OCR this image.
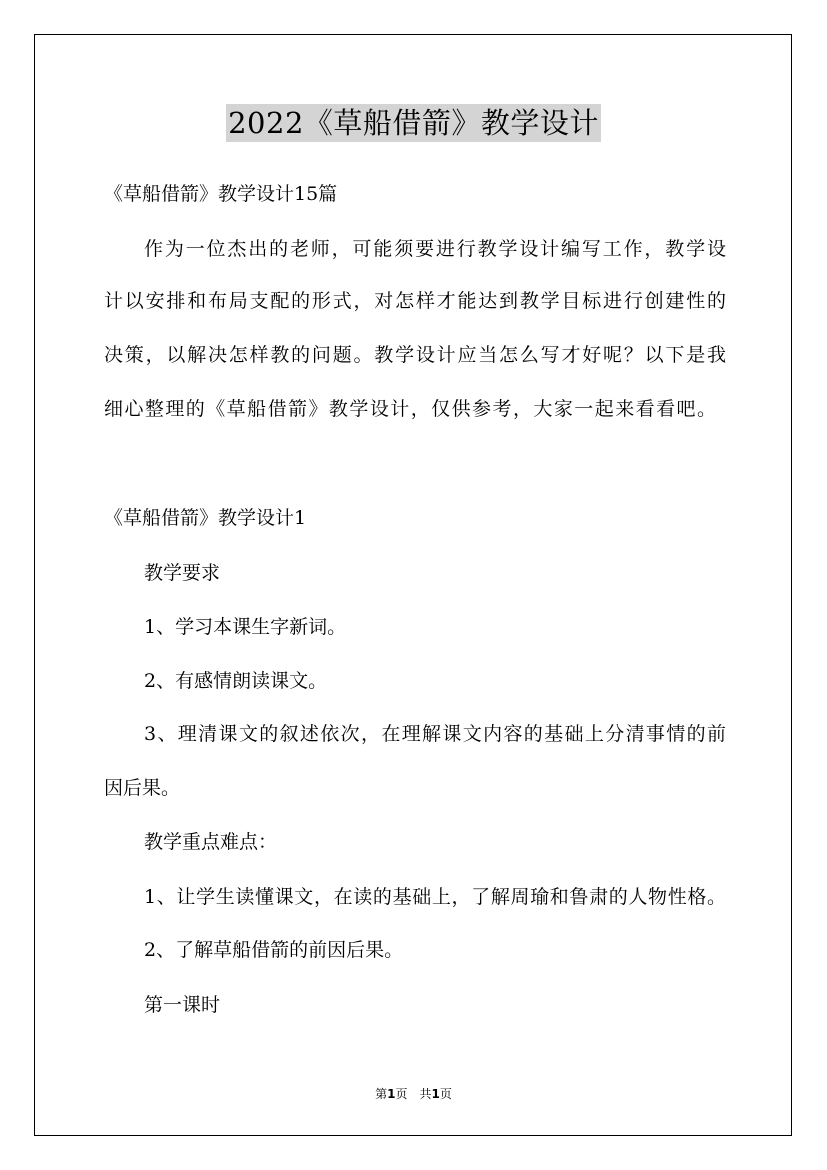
2022《草船借箭》教学设计
《草船借箭》教学设计15篇
作为一位杰出的老师，可能须要进行教学设计编写工作，教学设
计以安排和布局支配的形式，对怎样才能达到教学目标进行创建性的
决策，以解决怎样教的问题。教学设计应当怎么写才好呢？以下是我
细心整理的《草船借箭》教学设计，仅供参考，大家一起来看看吧。
《草船借箭》教学设计1
教学要求
1、学习本课生字新词。
2、有感情朗读课文。
3、理清课文的叙述依次，在理解课文内容的基础上分清事情的前
因后果。
教学重点难点：
1、让学生读懂课文，在读的基础上，了解周瑜和鲁肃的人物性格。
2、了解草船借箭的前因后果。
第一课时
第1页　共1页
